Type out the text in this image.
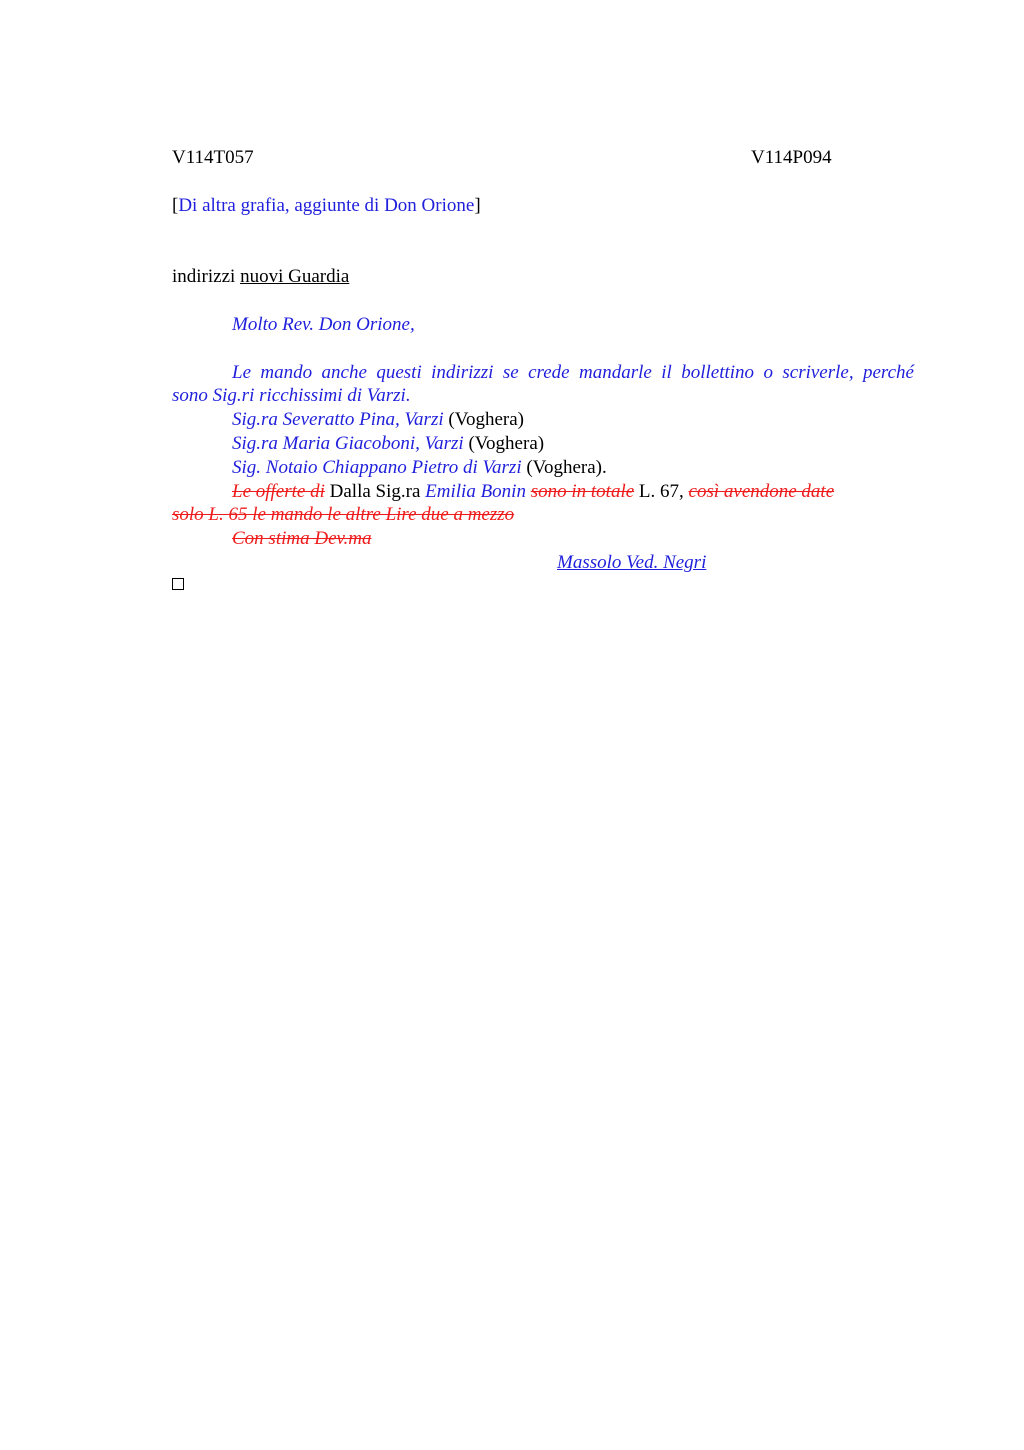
V114T057	V114P094
[Di altra grafia, aggiunte di Don Orione]
indirizzi nuovi Guardia
Molto Rev. Don Orione,
Le mando anche questi indirizzi se crede mandarle il bollettino o scriverle, perché
sono Sig.ri ricchissimi di Varzi.
Sig.ra Severatto Pina, Varzi (Voghera)
Sig.ra Maria Giacoboni, Varzi (Voghera)
Sig. Notaio Chiappano Pietro di Varzi (Voghera).
Le offerte di Dalla Sig.ra Emilia Bonin sono in totale L. 67, così avendone date
solo L. 65 le mando le altre Lire due a mezzo
Con stima Dev.ma
Massolo Ved. Negri
